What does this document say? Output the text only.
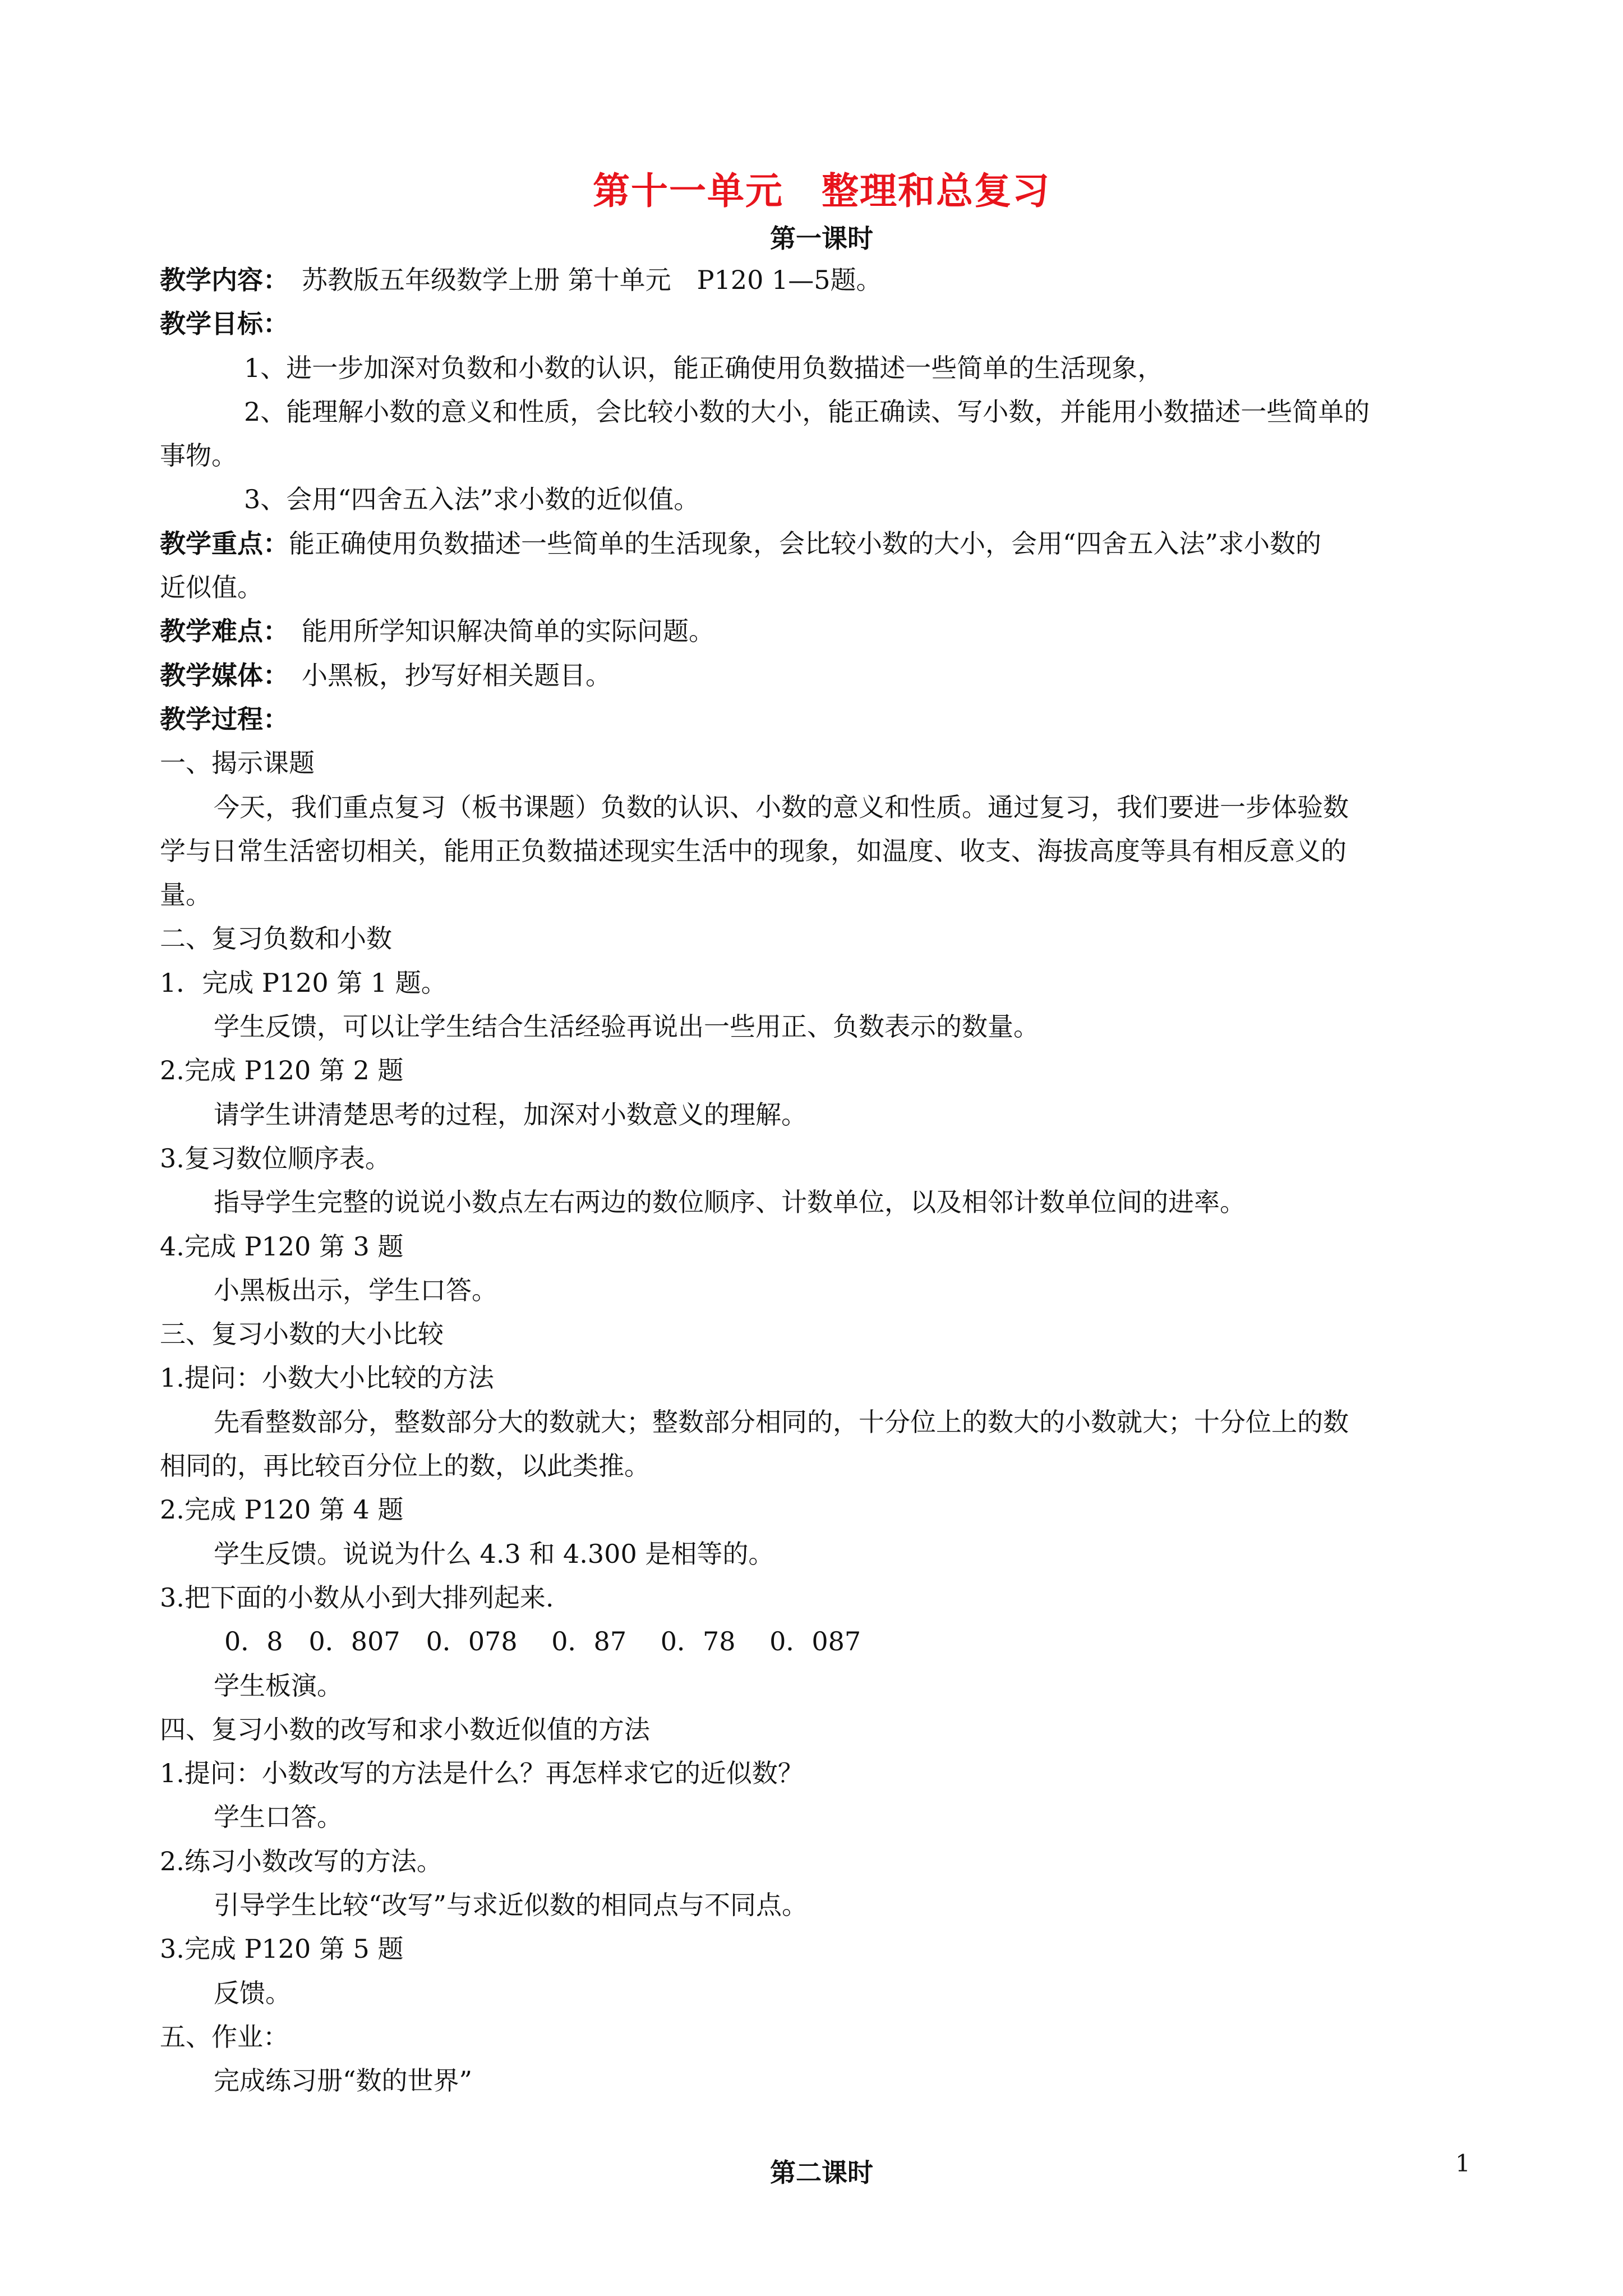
第十一单元　整理和总复习

第一课时

教学内容：　苏教版五年级数学上册 第十单元　P120 1—5题。

教学目标：

1、进一步加深对负数和小数的认识，能正确使用负数描述一些简单的生活现象，

2、能理解小数的意义和性质，会比较小数的大小，能正确读、写小数，并能用小数描述一些简单的

事物。

3、会用“四舍五入法”求小数的近似值。

教学重点：能正确使用负数描述一些简单的生活现象，会比较小数的大小，会用“四舍五入法”求小数的

近似值。

教学难点：　能用所学知识解决简单的实际问题。

教学媒体：　小黑板，抄写好相关题目。

教学过程：

一、揭示课题

今天，我们重点复习（板书课题）负数的认识、小数的意义和性质。通过复习，我们要进一步体验数

学与日常生活密切相关，能用正负数描述现实生活中的现象，如温度、收支、海拔高度等具有相反意义的

量。

二、复习负数和小数

1．完成 P120 第 1 题。

学生反馈，可以让学生结合生活经验再说出一些用正、负数表示的数量。

2.完成 P120 第 2 题

请学生讲清楚思考的过程，加深对小数意义的理解。

3.复习数位顺序表。

指导学生完整的说说小数点左右两边的数位顺序、计数单位，以及相邻计数单位间的进率。

4.完成 P120 第 3 题

小黑板出示，学生口答。

三、复习小数的大小比较

1.提问：小数大小比较的方法

先看整数部分，整数部分大的数就大；整数部分相同的，十分位上的数大的小数就大；十分位上的数

相同的，再比较百分位上的数，以此类推。

2.完成 P120 第 4 题

学生反馈。说说为什么 4.3 和 4.300 是相等的。

3.把下面的小数从小到大排列起来.

0．8　0．807　0．078　 0．87　 0．78　 0．087

学生板演。

四、复习小数的改写和求小数近似值的方法

1.提问：小数改写的方法是什么？再怎样求它的近似数？

学生口答。

2.练习小数改写的方法。

引导学生比较“改写”与求近似数的相同点与不同点。

3.完成 P120 第 5 题

反馈。

五、作业：

完成练习册“数的世界”

第二课时	1
